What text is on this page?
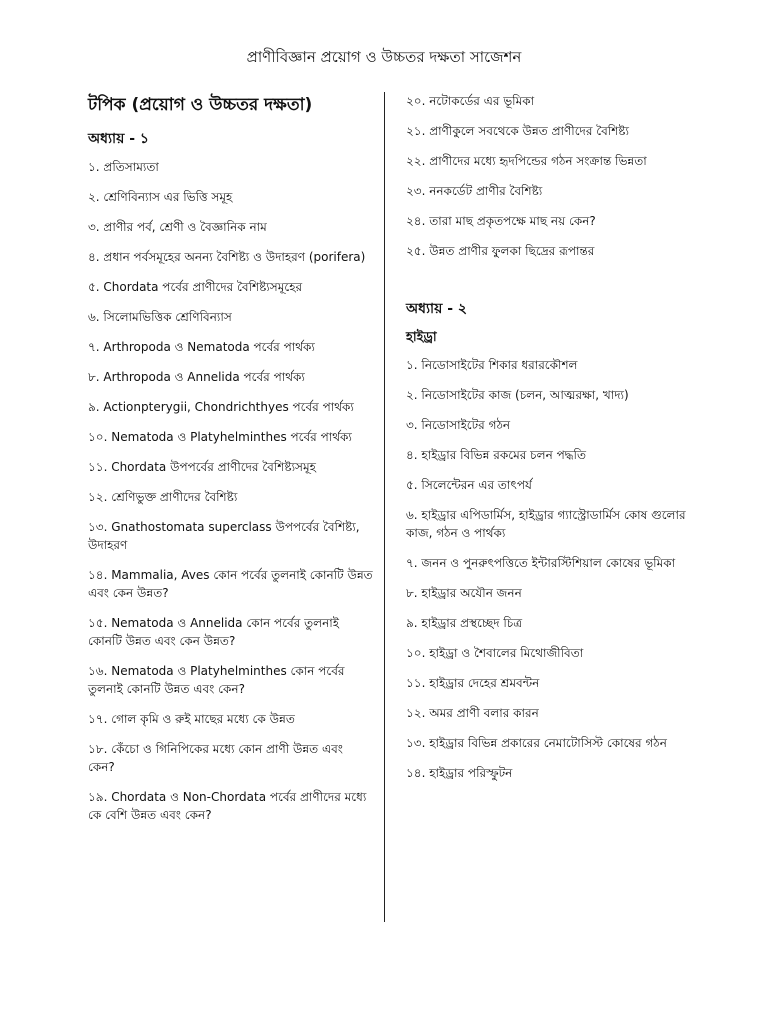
প্রাণীবিজ্ঞান প্রয়োগ ও উচ্চতর দক্ষতা সাজেশন
টপিক (প্রয়োগ ও উচ্চতর দক্ষতা)
অধ্যায় - ১
১. প্রতিসাম্যতা
২. শ্রেণিবিন্যাস এর ভিত্তি সমূহ
৩. প্রাণীর পর্ব, শ্রেণী ও বৈজ্ঞানিক নাম
৪. প্রধান পর্বসমূহের অনন্য বৈশিষ্ট্য ও উদাহরণ (porifera)
৫. Chordata পর্বের প্রাণীদের বৈশিষ্ট্যসমূহের
৬. সিলোমভিত্তিক শ্রেণিবিন্যাস
৭. Arthropoda ও Nematoda পর্বের পার্থক্য
৮. Arthropoda ও Annelida পর্বের পার্থক্য
৯. Actionpterygii, Chondrichthyes পর্বের পার্থক্য
১০. Nematoda ও Platyhelminthes পর্বের পার্থক্য
১১. Chordata উপপর্বের প্রাণীদের বৈশিষ্ট্যসমূহ
১২. শ্রেণিভুক্ত প্রাণীদের বৈশিষ্ট্য
১৩. Gnathostomata superclass উপপর্বের বৈশিষ্ট্য, উদাহরণ
১৪. Mammalia, Aves কোন পর্বের তুলনাই কোনটি উন্নত এবং কেন উন্নত?
১৫. Nematoda ও Annelida কোন পর্বের তুলনাই কোনটি উন্নত এবং কেন উন্নত?
১৬. Nematoda ও Platyhelminthes কোন পর্বের তুলনাই কোনটি উন্নত এবং কেন?
১৭. গোল কৃমি ও রুই মাছের মধ্যে কে উন্নত
১৮. কেঁচো ও গিনিপিকের মধ্যে কোন প্রাণী উন্নত এবং কেন?
১৯. Chordata ও Non-Chordata পর্বের প্রাণীদের মধ্যে কে বেশি উন্নত এবং কেন?
২০. নটোকর্ডের এর ভূমিকা
২১. প্রাণীকুলে সবথেকে উন্নত প্রাণীদের বৈশিষ্ট্য
২২. প্রাণীদের মধ্যে হৃদপিন্ডের গঠন সংক্রান্ত ভিন্নতা
২৩. ননকর্ডেট প্রাণীর বৈশিষ্ট্য
২৪. তারা মাছ প্রকৃতপক্ষে মাছ নয় কেন?
২৫. উন্নত প্রাণীর ফুলকা ছিদ্রের রূপান্তর
অধ্যায় - ২
হাইড্রা
১. নিডোসাইটের শিকার ধরারকৌশল
২. নিডোসাইটের কাজ (চলন, আত্মরক্ষা, খাদ্য)
৩. নিডোসাইটের গঠন
৪. হাইড্রার বিভিন্ন রকমের চলন পদ্ধতি
৫. সিলেন্টেরন এর তাৎপর্য
৬. হাইড্রার এপিডার্মিস, হাইড্রার গ্যাস্ট্রোডার্মিস কোষ গুলোর কাজ, গঠন ও পার্থক্য
৭. জনন ও পুনরুৎপত্তিতে ইন্টারস্টিশিয়াল কোষের ভূমিকা
৮. হাইড্রার অযৌন জনন
৯. হাইড্রার প্রস্থচ্ছেদ চিত্র
১০. হাইড্রা ও শৈবালের মিথোজীবিতা
১১. হাইড্রার দেহের শ্রমবন্টন
১২. অমর প্রাণী বলার কারন
১৩. হাইড্রার বিভিন্ন প্রকারের নেমাটোসিস্ট কোষের গঠন
১৪. হাইড্রার পরিস্ফুটন
